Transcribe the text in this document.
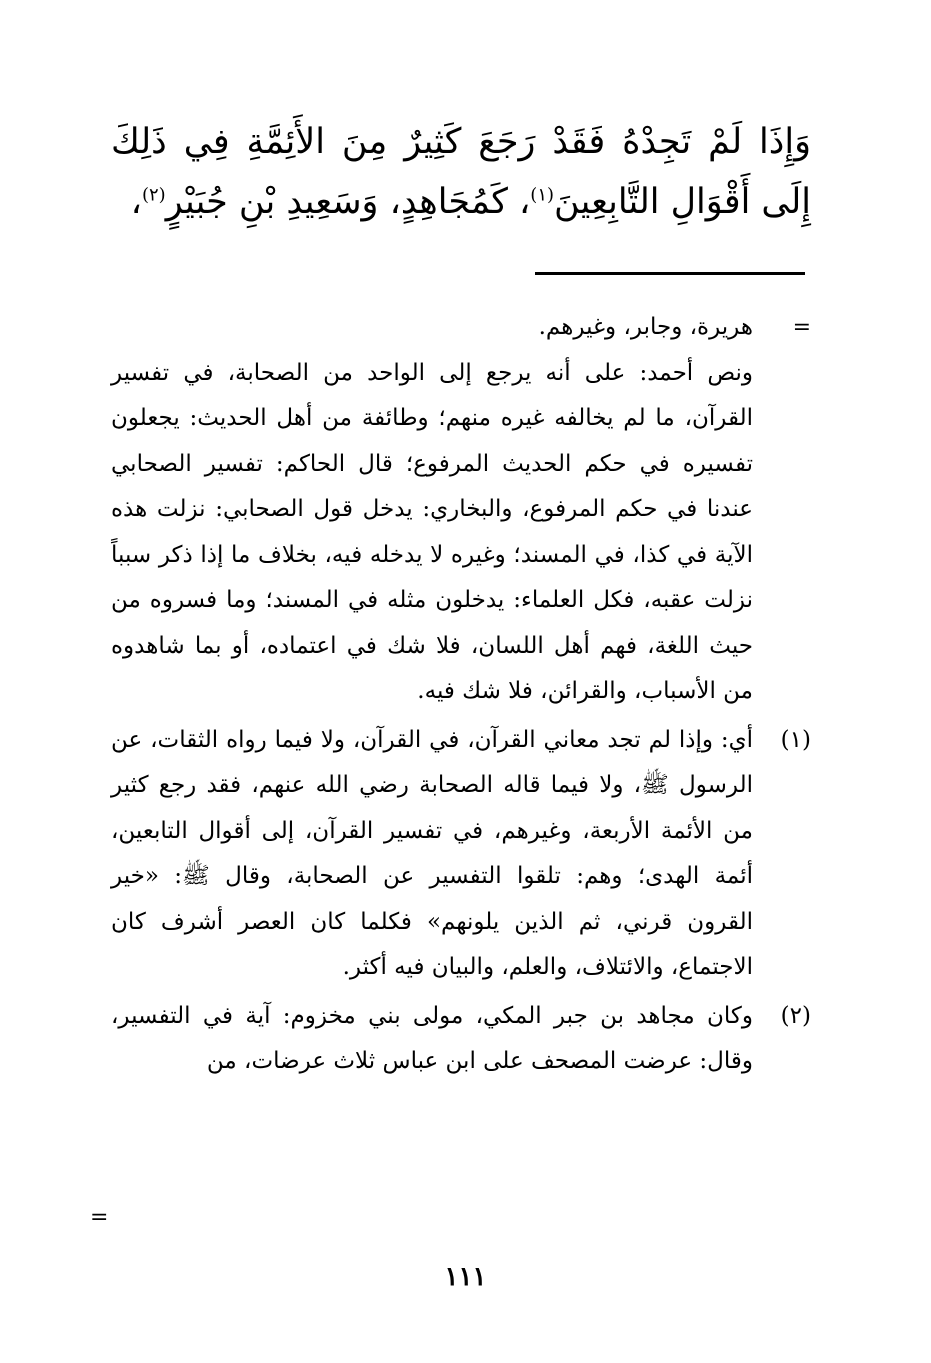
وَإِذَا لَمْ تَجِدْهُ فَقَدْ رَجَعَ كَثِيرٌ مِنَ الأَئِمَّةِ فِي ذَلِكَ إِلَى أَقْوَالِ التَّابِعِينَ$^{(١)}$، كَمُجَاهِدٍ، وَسَعِيدِ بْنِ جُبَيْرٍ$^{(٢)}$،
=

هريرة، وجابر، وغيرهم.

ونص أحمد: على أنه يرجع إلى الواحد من الصحابة، في تفسير القرآن، ما لم يخالفه غيره منهم؛ وطائفة من أهل الحديث: يجعلون تفسيره في حكم الحديث المرفوع؛ قال الحاكم: تفسير الصحابي عندنا في حكم المرفوع، والبخاري: يدخل قول الصحابي: نزلت هذه الآية في كذا، في المسند؛ وغيره لا يدخله فيه، بخلاف ما إذا ذكر سبباً نزلت عقبه، فكل العلماء: يدخلون مثله في المسند؛ وما فسروه من حيث اللغة، فهم أهل اللسان، فلا شك في اعتماده، أو بما شاهدوه من الأسباب، والقرائن، فلا شك فيه.

(١)
أي: وإذا لم تجد معاني القرآن، في القرآن، ولا فيما رواه الثقات، عن الرسول ﷺ، ولا فيما قاله الصحابة رضي الله عنهم، فقد رجع كثير من الأئمة الأربعة، وغيرهم، في تفسير القرآن، إلى أقوال التابعين، أئمة الهدى؛ وهم: تلقوا التفسير عن الصحابة، وقال ﷺ: «خير القرون قرني، ثم الذين يلونهم» فكلما كان العصر أشرف كان الاجتماع، والائتلاف، والعلم، والبيان فيه أكثر.
(٢)
وكان مجاهد بن جبر المكي، مولى بني مخزوم: آية في التفسير، وقال: عرضت المصحف على ابن عباس ثلاث عرضات، من
=
١١١
